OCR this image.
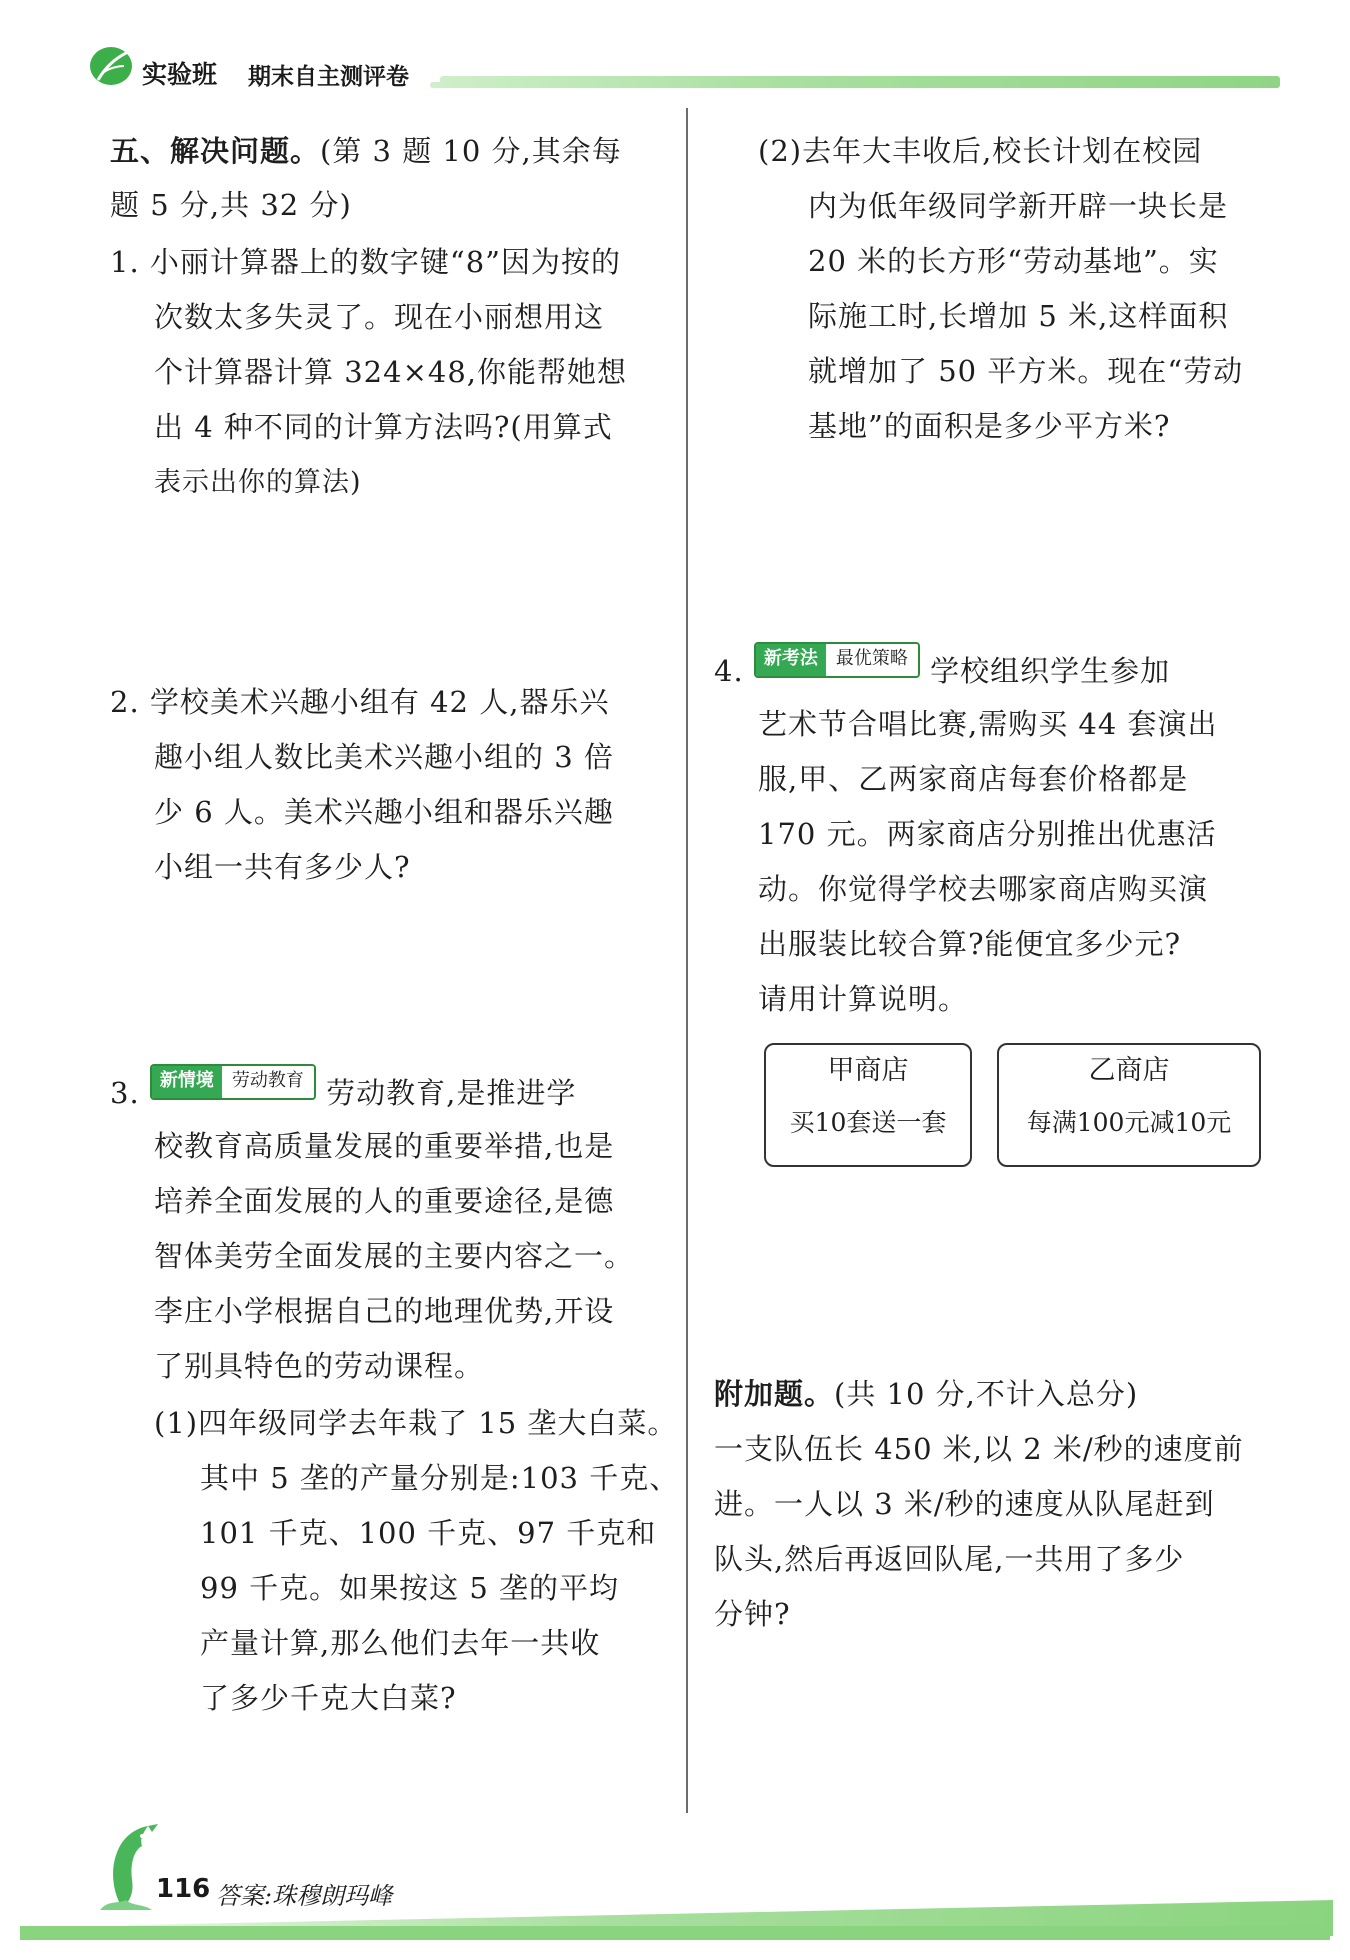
实验班 期末自主测评卷
五、解决问题。(第 3 题 10 分,其余每
题 5 分,共 32 分)
1. 小丽计算器上的数字键“8”因为按的
次数太多失灵了。现在小丽想用这
个计算器计算 324×48,你能帮她想
出 4 种不同的计算方法吗?(用算式
表示出你的算法)
2. 学校美术兴趣小组有 42 人,器乐兴
趣小组人数比美术兴趣小组的 3 倍
少 6 人。美术兴趣小组和器乐兴趣
小组一共有多少人?
3. 新情境 劳动教育 劳动教育,是推进学
校教育高质量发展的重要举措,也是
培养全面发展的人的重要途径,是德
智体美劳全面发展的主要内容之一。
李庄小学根据自己的地理优势,开设
了别具特色的劳动课程。
(1)四年级同学去年栽了 15 垄大白菜。
其中 5 垄的产量分别是:103 千克、
101 千克、100 千克、97 千克和
99 千克。如果按这 5 垄的平均
产量计算,那么他们去年一共收
了多少千克大白菜?
(2)去年大丰收后,校长计划在校园
内为低年级同学新开辟一块长是
20 米的长方形“劳动基地”。实
际施工时,长增加 5 米,这样面积
就增加了 50 平方米。现在“劳动
基地”的面积是多少平方米?
4. 新考法 最优策略 学校组织学生参加
艺术节合唱比赛,需购买 44 套演出
服,甲、乙两家商店每套价格都是
170 元。两家商店分别推出优惠活
动。你觉得学校去哪家商店购买演
出服装比较合算?能便宜多少元?
请用计算说明。
甲商店
买10套送一套
乙商店
每满100元减10元
附加题。(共 10 分,不计入总分)
一支队伍长 450 米,以 2 米/秒的速度前
进。一人以 3 米/秒的速度从队尾赶到
队头,然后再返回队尾,一共用了多少
分钟?
116 答案:珠穆朗玛峰
